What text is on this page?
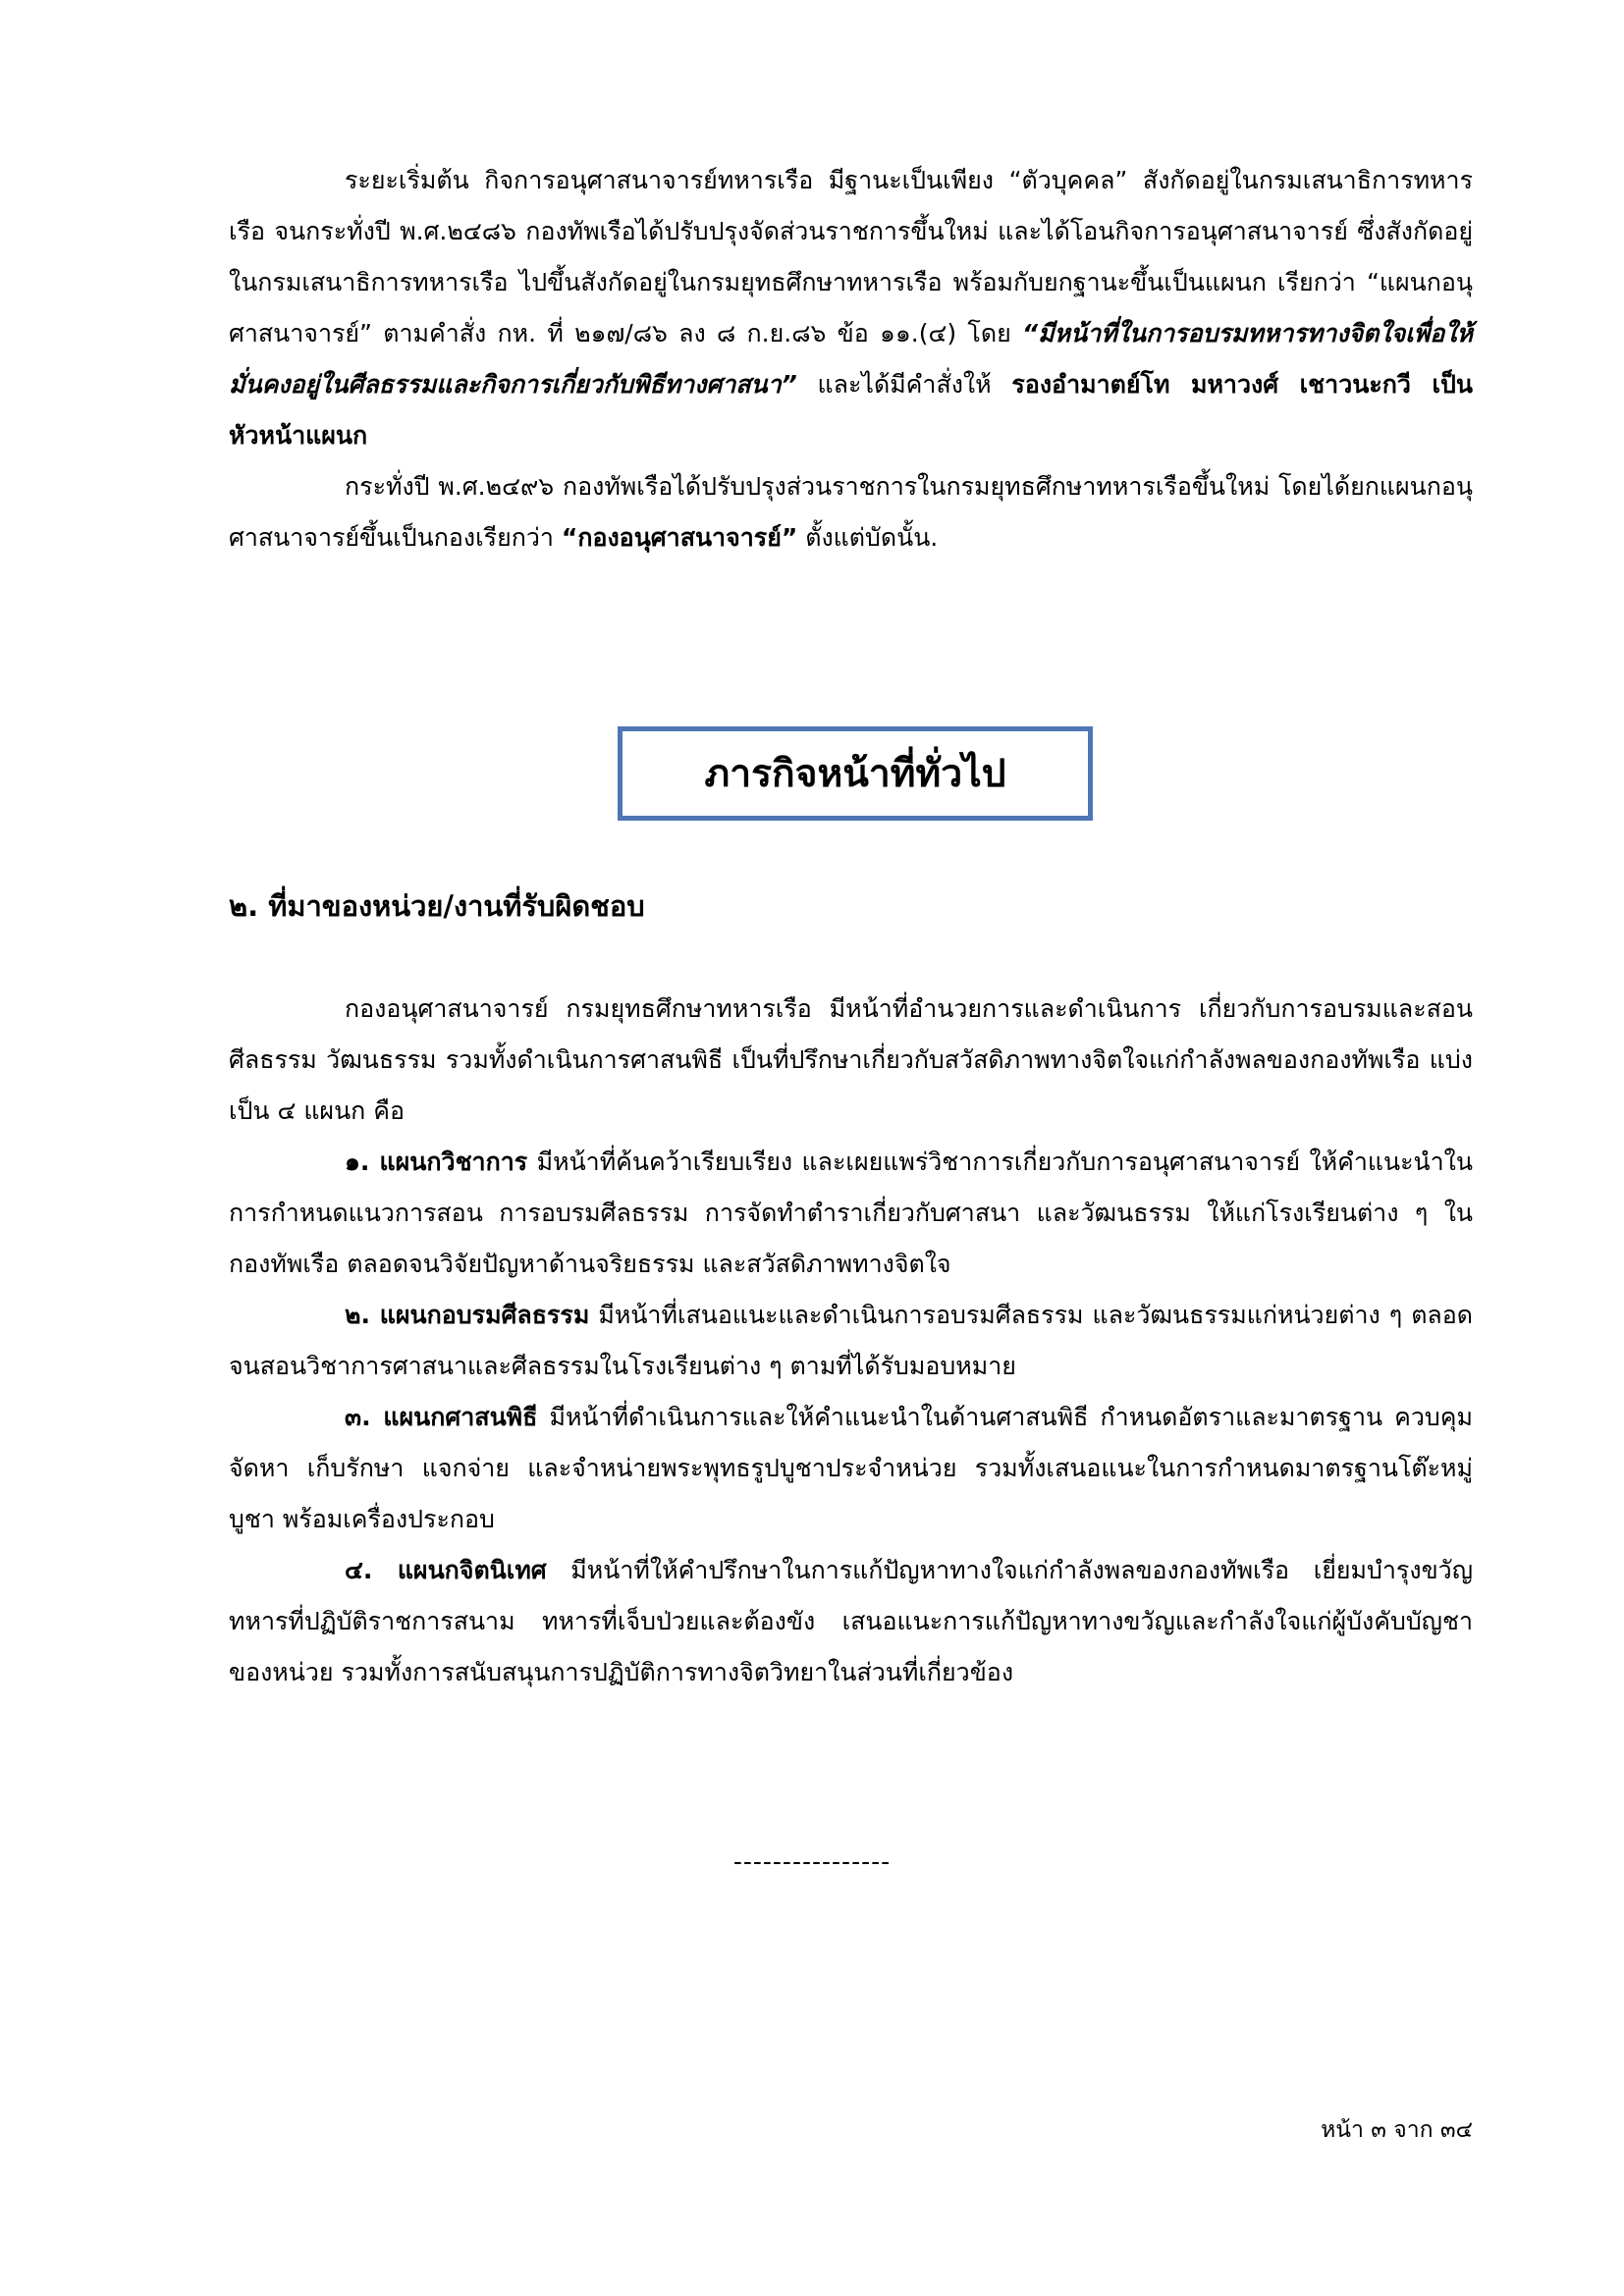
ระยะเริ่มต้น กิจการอนุศาสนาจารย์ทหารเรือ มีฐานะเป็นเพียง “ตัวบุคคล” สังกัดอยู่ในกรมเสนาธิการทหารเรือ จนกระทั่งปี พ.ศ.๒๔๘๖ กองทัพเรือได้ปรับปรุงจัดส่วนราชการขึ้นใหม่ และได้โอนกิจการอนุศาสนาจารย์ ซึ่งสังกัดอยู่ในกรมเสนาธิการทหารเรือ ไปขึ้นสังกัดอยู่ในกรมยุทธศึกษาทหารเรือ พร้อมกับยกฐานะขึ้นเป็นแผนก เรียกว่า “แผนกอนุศาสนาจารย์” ตามคำสั่ง กห. ที่ ๒๑๗/๘๖ ลง ๘ ก.ย.๘๖ ข้อ ๑๑.(๔) โดย “มีหน้าที่ในการอบรมทหารทางจิตใจเพื่อให้มั่นคงอยู่ในศีลธรรมและกิจการเกี่ยวกับพิธีทางศาสนา” และได้มีคำสั่งให้ รองอำมาตย์โท มหาวงศ์ เชาวนะกวี เป็นหัวหน้าแผนก

กระทั่งปี พ.ศ.๒๔๙๖ กองทัพเรือได้ปรับปรุงส่วนราชการในกรมยุทธศึกษาทหารเรือขึ้นใหม่ โดยได้ยกแผนกอนุศาสนาจารย์ขึ้นเป็นกองเรียกว่า “กองอนุศาสนาจารย์” ตั้งแต่บัดนั้น.

ภารกิจหน้าที่ทั่วไป
๒. ที่มาของหน่วย/งานที่รับผิดชอบ

กองอนุศาสนาจารย์ กรมยุทธศึกษาทหารเรือ มีหน้าที่อำนวยการและดำเนินการ เกี่ยวกับการอบรมและสอนศีลธรรม วัฒนธรรม รวมทั้งดำเนินการศาสนพิธี เป็นที่ปรึกษาเกี่ยวกับสวัสดิภาพทางจิตใจแก่กำลังพลของกองทัพเรือ แบ่งเป็น ๔ แผนก คือ

๑. แผนกวิชาการ มีหน้าที่ค้นคว้าเรียบเรียง และเผยแพร่วิชาการเกี่ยวกับการอนุศาสนาจารย์ ให้คำแนะนำในการกำหนดแนวการสอน การอบรมศีลธรรม การจัดทำตำราเกี่ยวกับศาสนา และวัฒนธรรม ให้แก่โรงเรียนต่าง ๆ ในกองทัพเรือ ตลอดจนวิจัยปัญหาด้านจริยธรรม และสวัสดิภาพทางจิตใจ

๒. แผนกอบรมศีลธรรม มีหน้าที่เสนอแนะและดำเนินการอบรมศีลธรรม และวัฒนธรรมแก่หน่วยต่าง ๆ ตลอดจนสอนวิชาการศาสนาและศีลธรรมในโรงเรียนต่าง ๆ ตามที่ได้รับมอบหมาย

๓. แผนกศาสนพิธี มีหน้าที่ดำเนินการและให้คำแนะนำในด้านศาสนพิธี กำหนดอัตราและมาตรฐาน ควบคุม จัดหา เก็บรักษา แจกจ่าย และจำหน่ายพระพุทธรูปบูชาประจำหน่วย รวมทั้งเสนอแนะในการกำหนดมาตรฐานโต๊ะหมู่บูชา พร้อมเครื่องประกอบ

๔. แผนกจิตนิเทศ มีหน้าที่ให้คำปรึกษาในการแก้ปัญหาทางใจแก่กำลังพลของกองทัพเรือ เยี่ยมบำรุงขวัญทหารที่ปฏิบัติราชการสนาม ทหารที่เจ็บป่วยและต้องขัง เสนอแนะการแก้ปัญหาทางขวัญและกำลังใจแก่ผู้บังคับบัญชาของหน่วย รวมทั้งการสนับสนุนการปฏิบัติการทางจิตวิทยาในส่วนที่เกี่ยวข้อง

----------------
หน้า ๓ จาก ๓๔
